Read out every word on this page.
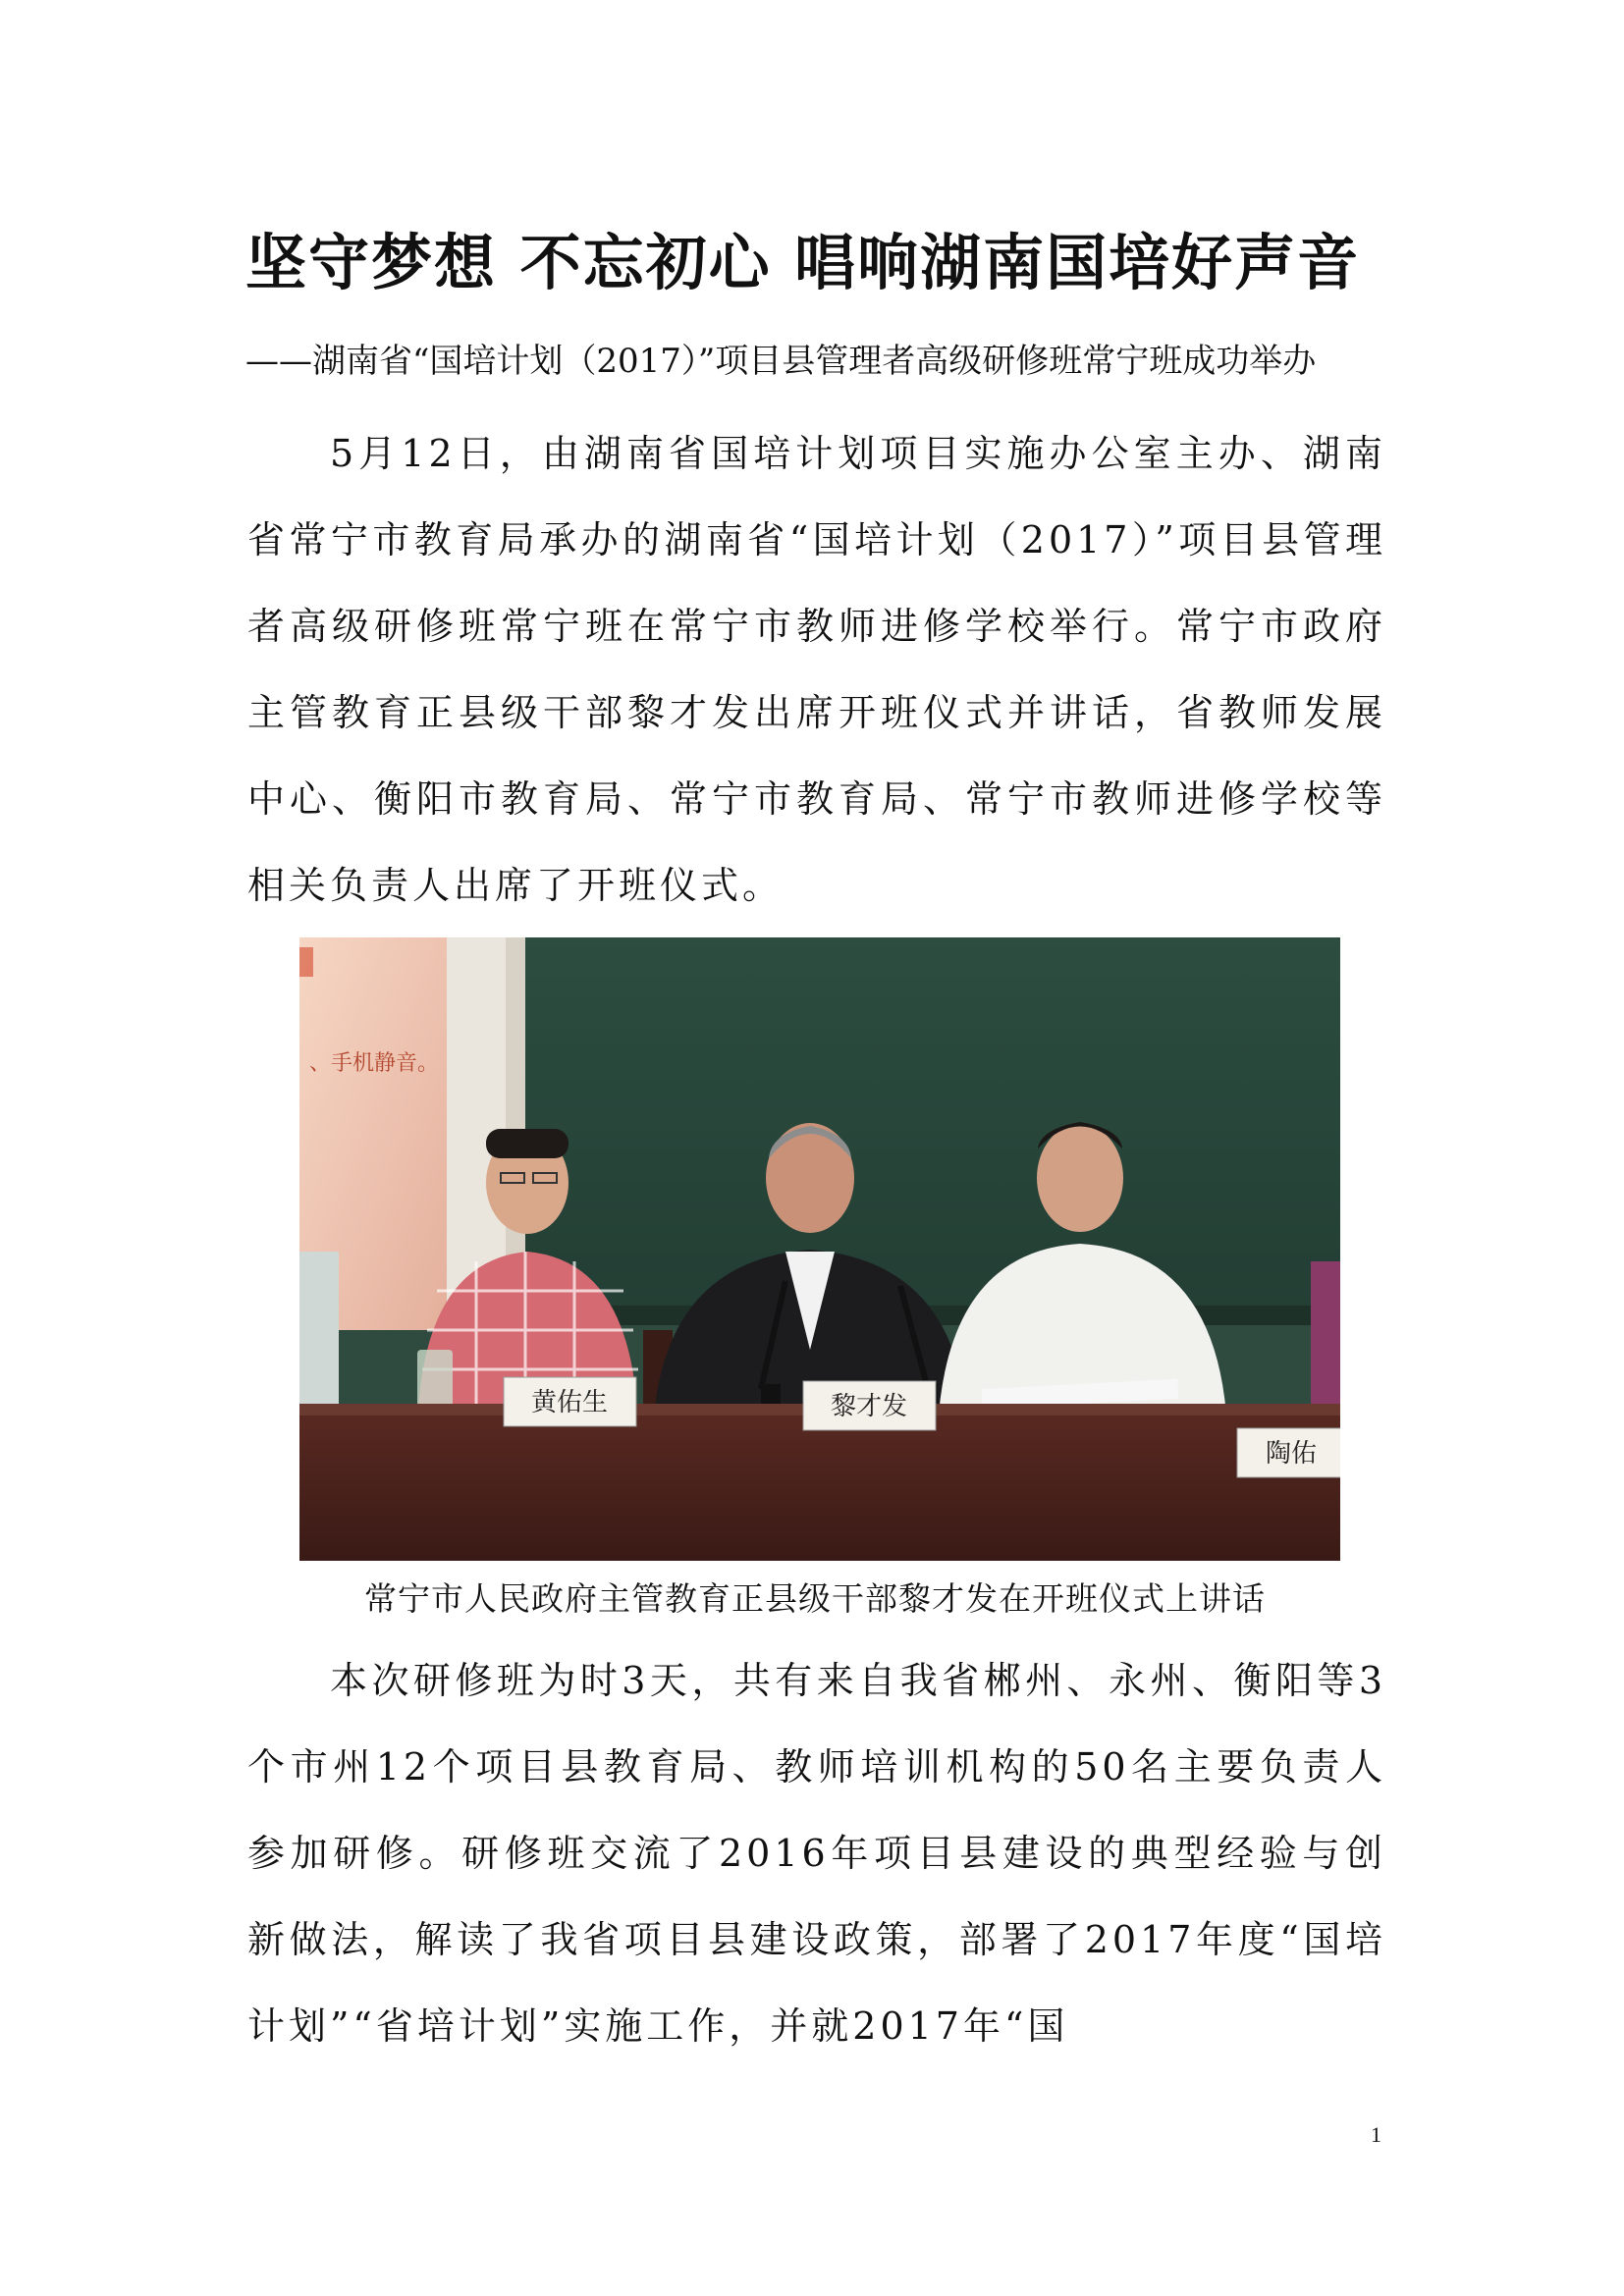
坚守梦想 不忘初心 唱响湖南国培好声音

——湖南省“国培计划（2017）”项目县管理者高级研修班常宁班成功举办

5月12日，由湖南省国培计划项目实施办公室主办、湖南省常宁市教育局承办的湖南省“国培计划（2017）”项目县管理者高级研修班常宁班在常宁市教师进修学校举行。常宁市政府主管教育正县级干部黎才发出席开班仪式并讲话，省教师发展中心、衡阳市教育局、常宁市教育局、常宁市教师进修学校等相关负责人出席了开班仪式。

、手机静音。
黄佑生	黎才发
陶佑

常宁市人民政府主管教育正县级干部黎才发在开班仪式上讲话

本次研修班为时3天，共有来自我省郴州、永州、衡阳等3个市州12个项目县教育局、教师培训机构的50名主要负责人参加研修。研修班交流了2016年项目县建设的典型经验与创新做法，解读了我省项目县建设政策，部署了2017年度“国培计划”“省培计划”实施工作，并就2017年“国

1
